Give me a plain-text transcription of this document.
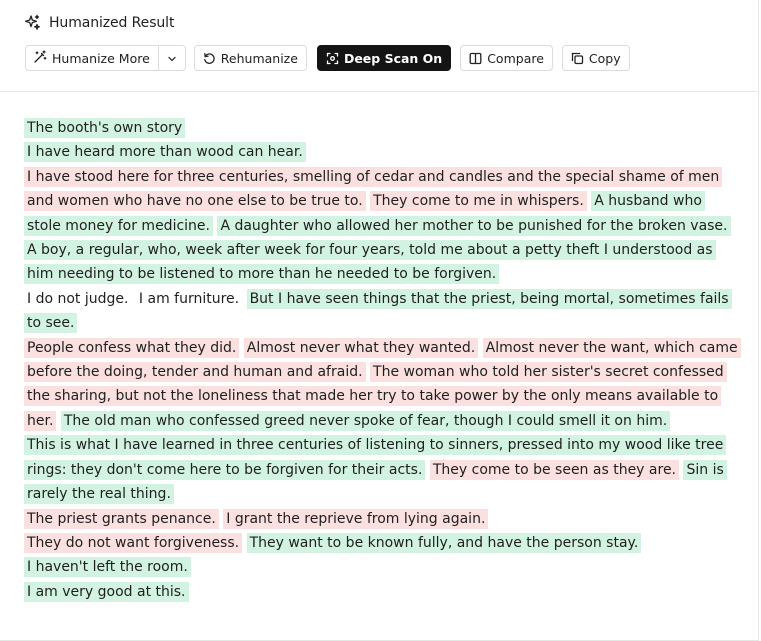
Humanized Result
Humanize More	Rehumanize	Deep Scan On	Compare	Copy
The booth's own story
I have heard more than wood can hear.
I have stood here for three centuries, smelling of cedar and candles and the special shame of men and women who have no one else to be true to. They come to me in whispers. A husband who stole money for medicine. A daughter who allowed her mother to be punished for the broken vase. A boy, a regular, who, week after week for four years, told me about a petty theft I understood as him needing to be listened to more than he needed to be forgiven.
I do not judge. I am furniture. But I have seen things that the priest, being mortal, sometimes fails to see.
People confess what they did. Almost never what they wanted. Almost never the want, which came before the doing, tender and human and afraid. The woman who told her sister's secret confessed the sharing, but not the loneliness that made her try to take power by the only means available to her. The old man who confessed greed never spoke of fear, though I could smell it on him.
This is what I have learned in three centuries of listening to sinners, pressed into my wood like tree rings: they don't come here to be forgiven for their acts. They come to be seen as they are. Sin is rarely the real thing.
The priest grants penance. I grant the reprieve from lying again.
They do not want forgiveness. They want to be known fully, and have the person stay.
I haven't left the room.
I am very good at this.
